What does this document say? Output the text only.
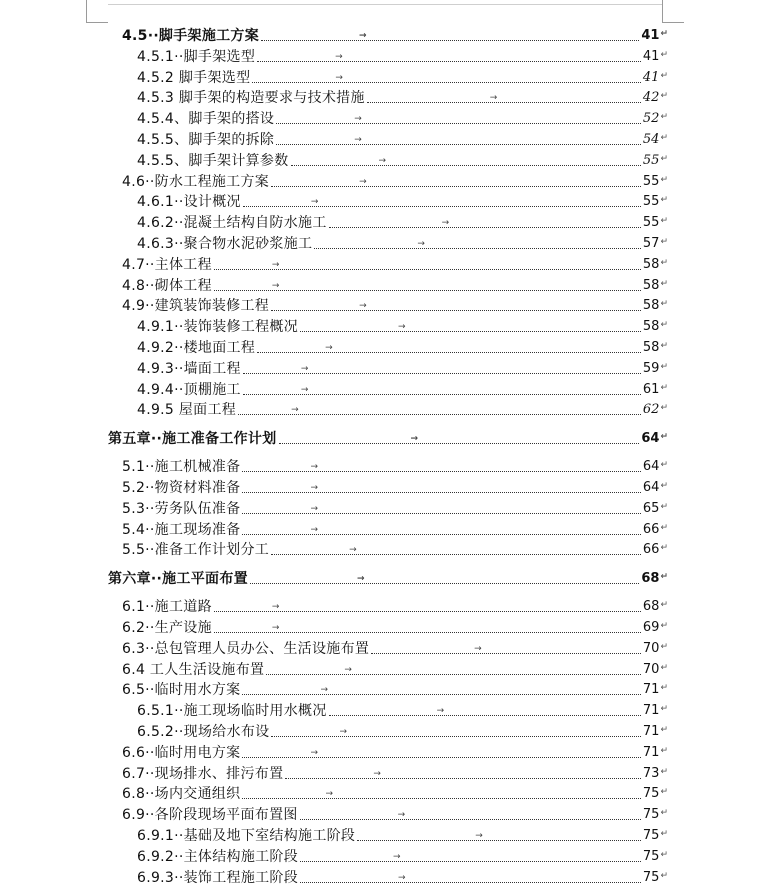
4.5··脚手架施工方案	→	41 ↵
4.5.1··脚手架选型	→	41 ↵
4.5.2 脚手架选型	→	41 ↵
4.5.3 脚手架的构造要求与技术措施	→	42 ↵
4.5.4、脚手架的搭设	→	52 ↵
4.5.5、脚手架的拆除	→	54 ↵
4.5.5、脚手架计算参数	→	55 ↵
4.6··防水工程施工方案	→	55 ↵
4.6.1··设计概况	→	55 ↵
4.6.2··混凝土结构自防水施工	→	55 ↵
4.6.3··聚合物水泥砂浆施工	→	57 ↵
4.7··主体工程	→	58 ↵
4.8··砌体工程	→	58 ↵
4.9··建筑装饰装修工程	→	58 ↵
4.9.1··装饰装修工程概况	→	58 ↵
4.9.2··楼地面工程	→	58 ↵
4.9.3··墙面工程	→	59 ↵
4.9.4··顶棚施工	→	61 ↵
4.9.5 屋面工程	→	62 ↵
第五章··施工准备工作计划	→	64 ↵
5.1··施工机械准备	→	64 ↵
5.2··物资材料准备	→	64 ↵
5.3··劳务队伍准备	→	65 ↵
5.4··施工现场准备	→	66 ↵
5.5··准备工作计划分工	→	66 ↵
第六章··施工平面布置	→	68 ↵
6.1··施工道路	→	68 ↵
6.2··生产设施	→	69 ↵
6.3··总包管理人员办公、生活设施布置	→	70 ↵
6.4 工人生活设施布置	→	70 ↵
6.5··临时用水方案	→	71 ↵
6.5.1··施工现场临时用水概况	→	71 ↵
6.5.2··现场给水布设	→	71 ↵
6.6··临时用电方案	→	71 ↵
6.7··现场排水、排污布置	→	73 ↵
6.8··场内交通组织	→	75 ↵
6.9··各阶段现场平面布置图	→	75 ↵
6.9.1··基础及地下室结构施工阶段	→	75 ↵
6.9.2··主体结构施工阶段	→	75 ↵
6.9.3··装饰工程施工阶段	→	75 ↵
